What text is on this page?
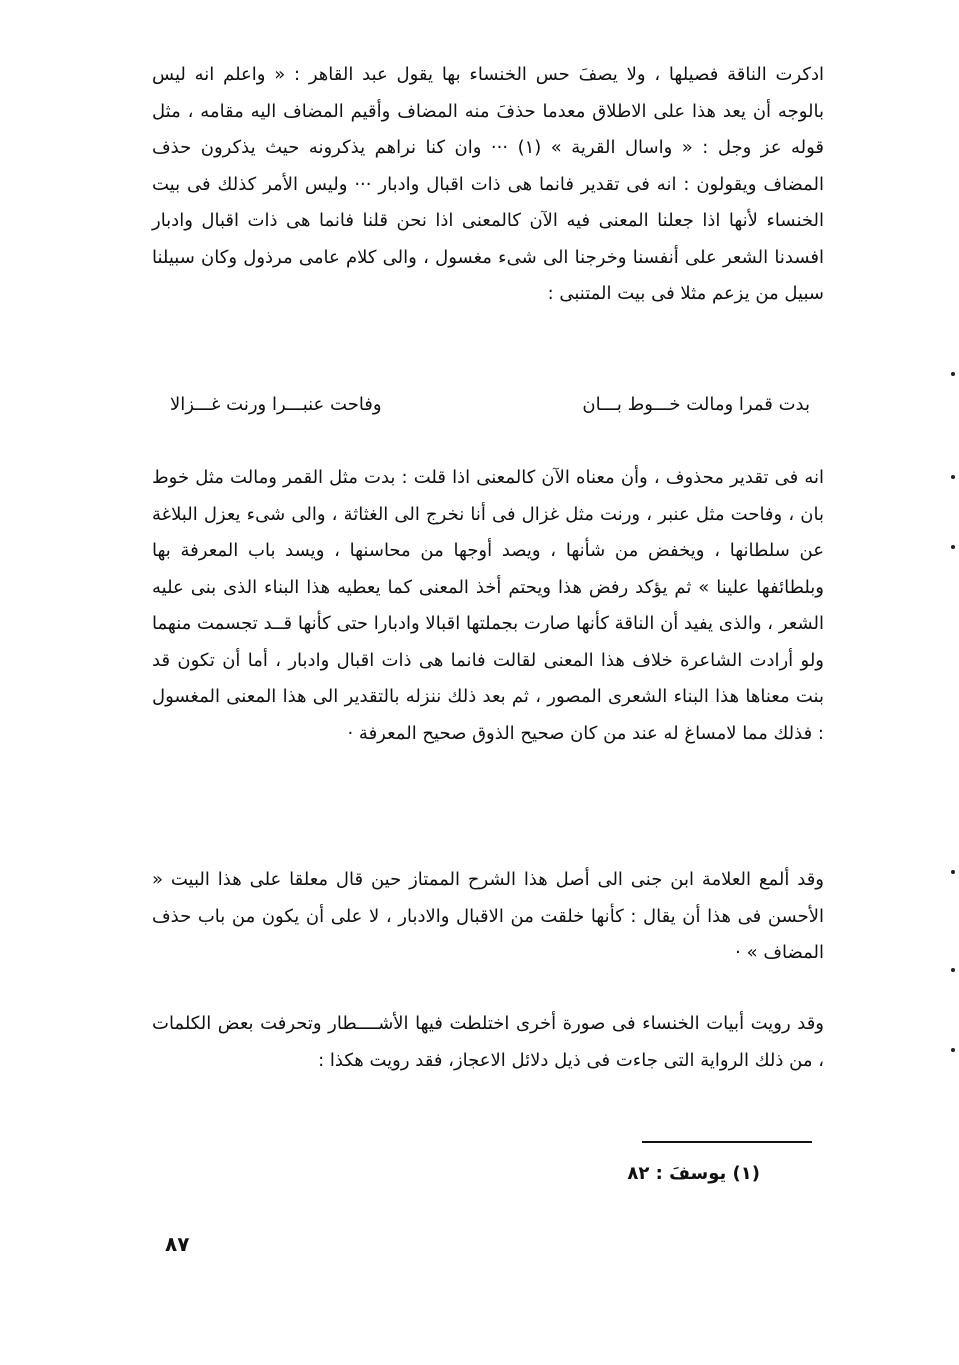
ادكرت الناقة فصيلها ، ولا يصفَ حس الخنساء بها يقول عبد القاهر : « واعلم انه ليس بالوجه أن يعد هذا على الاطلاق معدما حذفَ منه المضاف وأقيم المضاف اليه مقامه ، مثل قوله عز وجل : « واسال القرية » (١) ··· وان كنا نراهم يذكرونه حيث يذكرون حذف المضاف ويقولون : انه فى تقدير فانما هى ذات اقبال وادبار ··· وليس الأمر كذلك فى بيت الخنساء لأنها اذا جعلنا المعنى فيه الآن كالمعنى اذا نحن قلنا فانما هى ذات اقبال وادبار افسدنا الشعر على أنفسنا وخرجنا الى شىء مغسول ، والى كلام عامى مرذول وكان سبيلنا سبيل من يزعم مثلا فى بيت المتنبى :

بدت قمرا ومالت خـــوط بـــان
وفاحت عنبـــرا ورنت غـــزالا

انه فى تقدير محذوف ، وأن معناه الآن كالمعنى اذا قلت : بدت مثل القمر ومالت مثل خوط بان ، وفاحت مثل عنبر ، ورنت مثل غزال فى أنا نخرج الى الغثاثة ، والى شىء يعزل البلاغة عن سلطانها ، ويخفض من شأنها ، ويصد أوجها من محاسنها ، ويسد باب المعرفة بها وبلطائفها علينا » ثم يؤكد رفض هذا ويحتم أخذ المعنى كما يعطيه هذا البناء الذى بنى عليه الشعر ، والذى يفيد أن الناقة كأنها صارت بجملتها اقبالا وادبارا حتى كأنها قــد تجسمت منهما ولو أرادت الشاعرة خلاف هذا المعنى لقالت فانما هى ذات اقبال وادبار ، أما أن تكون قد بنت معناها هذا البناء الشعرى المصور ، ثم بعد ذلك ننزله بالتقدير الى هذا المعنى المغسول : فذلك مما لامساغ له عند من كان صحيح الذوق صحيح المعرفة ·

وقد ألمع العلامة ابن جنى الى أصل هذا الشرح الممتاز حين قال معلقا على هذا البيت « الأحسن فى هذا أن يقال : كأنها خلقت من الاقبال والادبار ، لا على أن يكون من باب حذف المضاف » ·

وقد رويت أبيات الخنساء فى صورة أخرى اختلطت فيها الأشــــطار وتحرفت بعض الكلمات ، من ذلك الرواية التى جاءت فى ذيل دلائل الاعجاز، فقد رويت هكذا :

(١) يوسفَ : ٨٢
٨٧
